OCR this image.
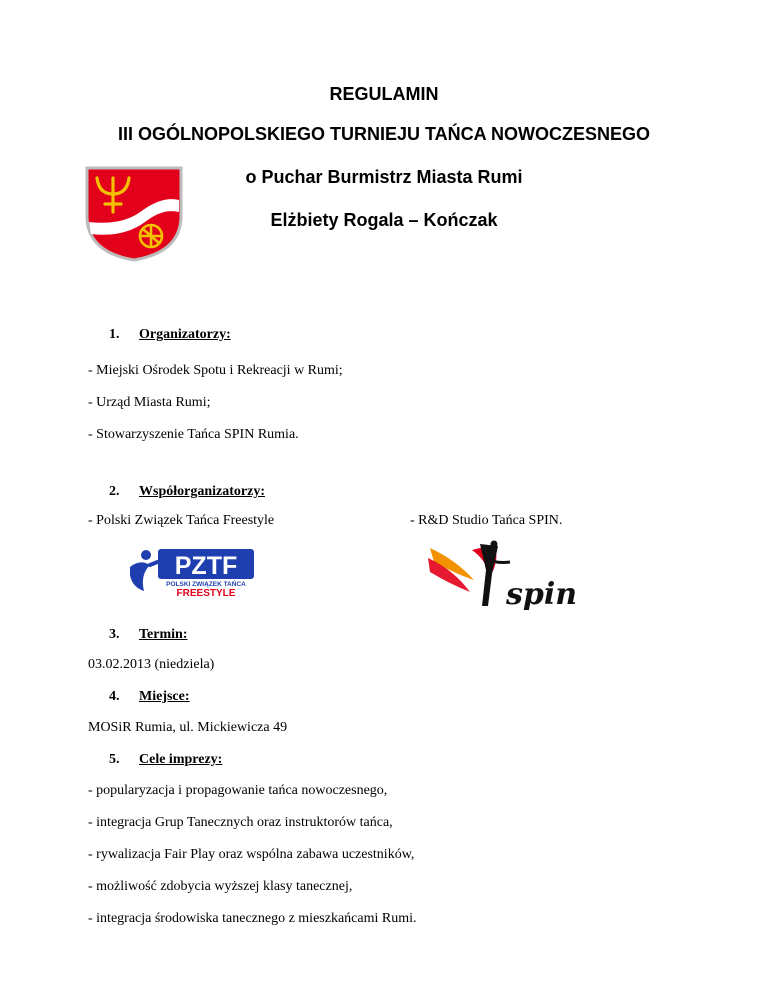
REGULAMIN
III OGÓLNOPOLSKIEGO TURNIEJU TAŃCA NOWOCZESNEGO
o Puchar Burmistrz Miasta Rumi
Elżbiety Rogala – Kończak
1. Organizatorzy:
- Miejski Ośrodek Spotu i Rekreacji w Rumi;
- Urząd Miasta Rumi;
- Stowarzyszenie Tańca SPIN Rumia.
2. Współorganizatorzy:
- Polski Związek Tańca Freestyle	- R&D Studio Tańca SPIN.
PZTF
POLSKI ZWIĄZEK TAŃCA
FREESTYLE	spin
3. Termin:
03.02.2013 (niedziela)
4. Miejsce:
MOSiR Rumia, ul. Mickiewicza 49
5. Cele imprezy:
- popularyzacja i propagowanie tańca nowoczesnego,
- integracja Grup Tanecznych oraz instruktorów tańca,
- rywalizacja Fair Play oraz wspólna zabawa uczestników,
- możliwość zdobycia wyższej klasy tanecznej,
- integracja środowiska tanecznego z mieszkańcami Rumi.
